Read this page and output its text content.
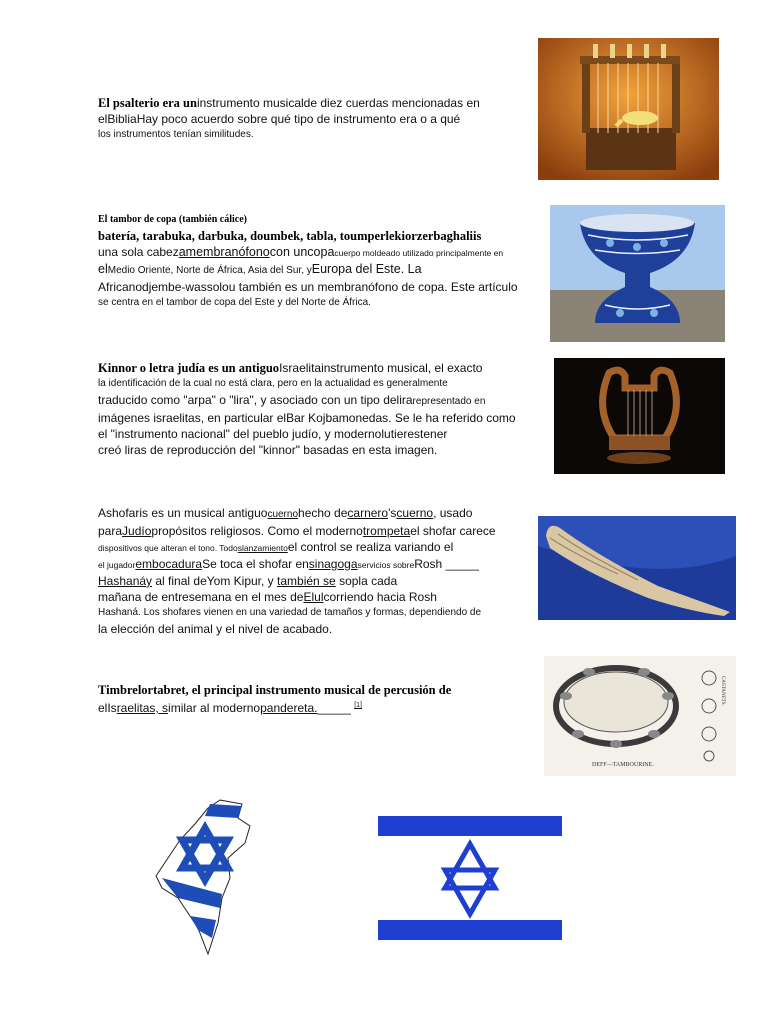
El psalterio era uninstrumento musicalde diez cuerdas mencionadas en
elBibliaHay poco acuerdo sobre qué tipo de instrumento era o a qué
los instrumentos tenían similitudes.
El tambor de copa (también cálice)
batería, tarabuka, darbuka, doumbek, tabla, toumperlekiorzerbaghaliis
una sola cabezamembranófonocon uncopacuerpo moldeado utilizado principalmente en
elMedio Oriente, Norte de África, Asia del Sur, yEuropa del Este. La
Africanodjembe-wassolou también es un membranófono de copa. Este artículo
se centra en el tambor de copa del Este y del Norte de África.
Kinnor o letra judía es un antiguoIsraelitainstrumento musical, el exacto
la identificación de la cual no está clara, pero en la actualidad es generalmente
traducido como "arpa" o "lira", y asociado con un tipo delirarepresentado en
imágenes israelitas, en particular elBar Kojbamonedas. Se le ha referido como
el "instrumento nacional" del pueblo judío, y modernolutierestener
creó liras de reproducción del "kinnor" basadas en esta imagen.
Ashofaris es un musical antiguocuernohecho decarnero'scuerno, usado
paraJudíopropósitos religiosos. Como el modernotrompetael shofar carece
dispositivos que alteran el tono. Todoslanzamientoel control se realiza variando el
el jugadorembocaduraSe toca el shofar ensinagogaservicios sobreRosh _____
Hashanáy al final deYom Kipur, y también se sopla cada
mañana de entresemana en el mes deElulcorriendo hacia Rosh
Hashaná. Los shofares vienen en una variedad de tamaños y formas, dependiendo de
la elección del animal y el nivel de acabado.
Timbrelortabret, el principal instrumento musical de percusión de
elIsraelitas, similar al modernopandereta._____ [1]
DEFF—TAMBOURINE.
CASTANETS.
